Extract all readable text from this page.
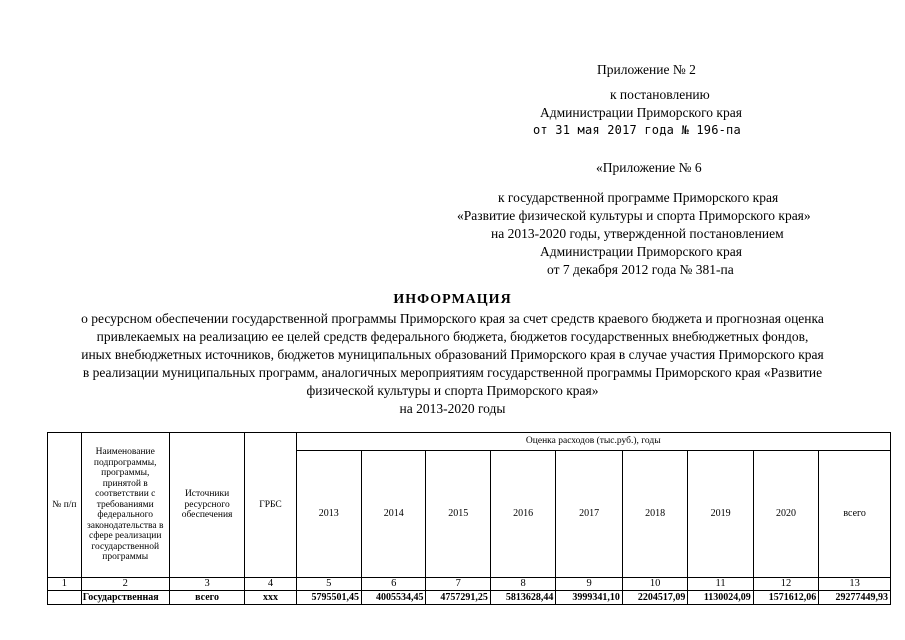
Приложение № 2
к постановлению
Администрации Приморского края
от 31 мая 2017 года № 196-па
«Приложение № 6
к государственной программе Приморского края
«Развитие физической культуры и спорта Приморского края»
на 2013-2020 годы, утвержденной постановлением
Администрации Приморского края
от 7 декабря 2012 года № 381-па
ИНФОРМАЦИЯ
о ресурсном обеспечении государственной программы Приморского края за счет средств краевого бюджета и прогнозная оценка
привлекаемых на реализацию ее целей средств федерального бюджета, бюджетов государственных внебюджетных фондов,
иных внебюджетных источников, бюджетов муниципальных образований Приморского края в случае участия Приморского края
в реализации муниципальных программ, аналогичных мероприятиям государственной программы Приморского края «Развитие
физической культуры и спорта Приморского края»
на 2013-2020 годы
№ п/п	Наименование подпрограммы, программы, принятой в соответствии с требованиями федерального законодательства в сфере реализации государственной программы	Источники ресурсного обеспечения	ГРБС	Оценка расходов (тыс.руб.), годы								
				2013	2014	2015	2016	2017	2018	2019	2020	всего
1	2	3	4	5	6	7	8	9	10	11	12	13
	Государственная	всего	ххх	5795501,45	4005534,45	4757291,25	5813628,44	3999341,10	2204517,09	1130024,09	1571612,06	29277449,93
